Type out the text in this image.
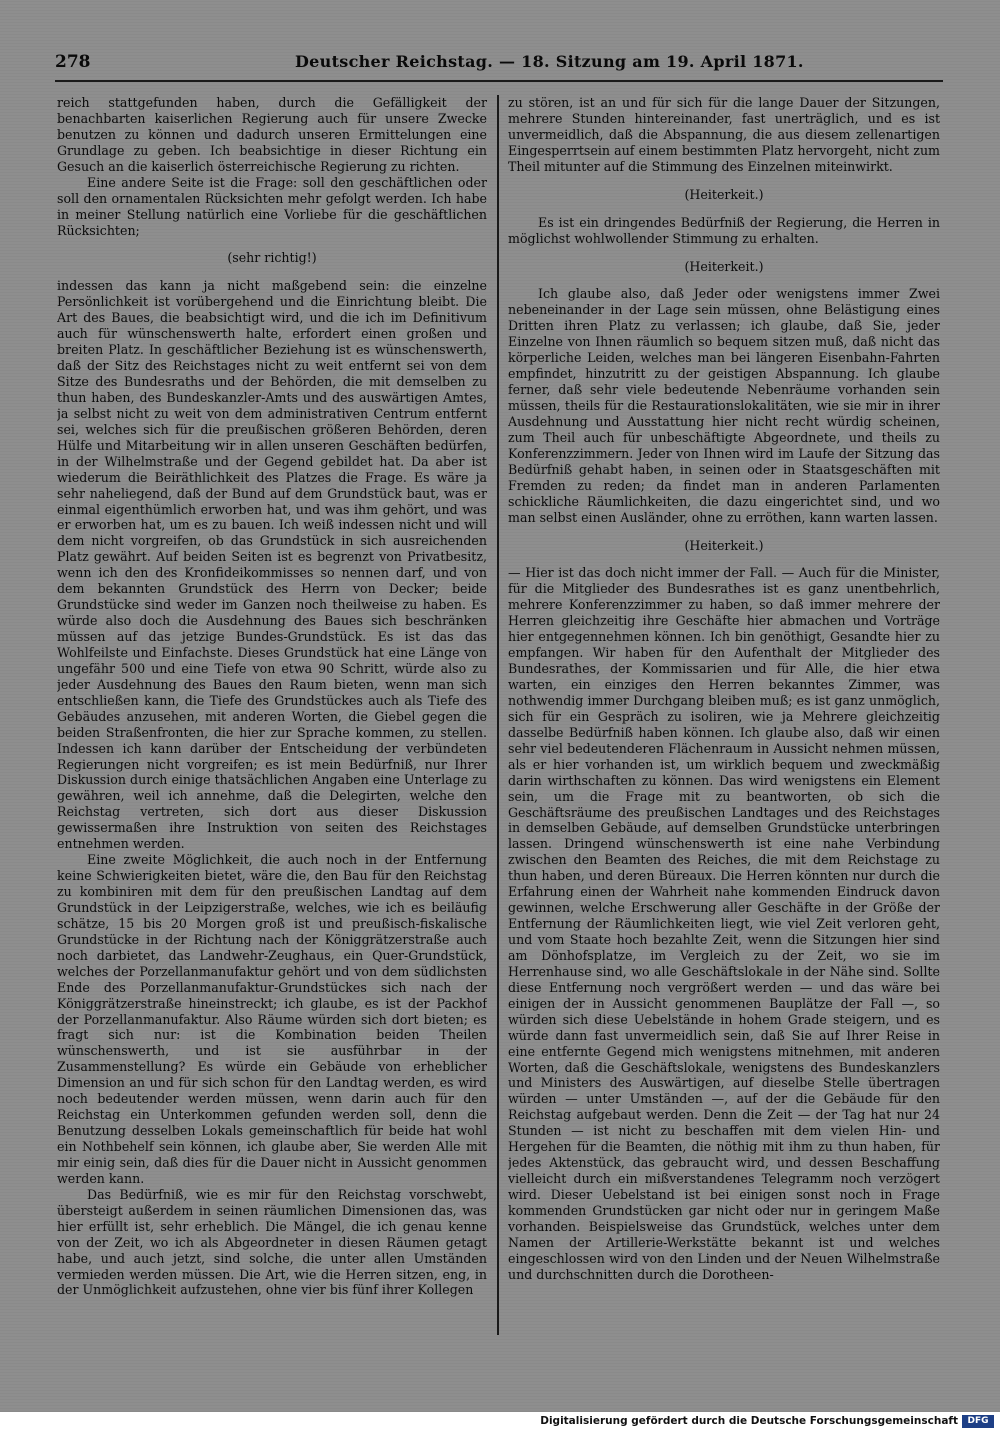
278	Deutscher Reichstag. — 18. Sitzung am 19. April 1871.

reich stattgefunden haben, durch die Gefälligkeit der benachbarten kaiserlichen Regierung auch für unsere Zwecke benutzen zu können und dadurch unseren Ermittelungen eine Grundlage zu geben. Ich beabsichtige in dieser Richtung ein Gesuch an die kaiserlich österreichische Regierung zu richten.

Eine andere Seite ist die Frage: soll den geschäftlichen oder soll den ornamentalen Rücksichten mehr gefolgt werden. Ich habe in meiner Stellung natürlich eine Vorliebe für die geschäftlichen Rücksichten;

(sehr richtig!)

indessen das kann ja nicht maßgebend sein: die einzelne Persönlichkeit ist vorübergehend und die Einrichtung bleibt. Die Art des Baues, die beabsichtigt wird, und die ich im Definitivum auch für wünschenswerth halte, erfordert einen großen und breiten Platz. In geschäftlicher Beziehung ist es wünschenswerth, daß der Sitz des Reichstages nicht zu weit entfernt sei von dem Sitze des Bundesraths und der Behörden, die mit demselben zu thun haben, des Bundeskanzler-Amts und des auswärtigen Amtes, ja selbst nicht zu weit von dem administrativen Centrum entfernt sei, welches sich für die preußischen größeren Behörden, deren Hülfe und Mitarbeitung wir in allen unseren Geschäften bedürfen, in der Wilhelmstraße und der Gegend gebildet hat. Da aber ist wiederum die Beiräthlichkeit des Platzes die Frage. Es wäre ja sehr naheliegend, daß der Bund auf dem Grundstück baut, was er einmal eigenthümlich erworben hat, und was ihm gehört, und was er erworben hat, um es zu bauen. Ich weiß indessen nicht und will dem nicht vorgreifen, ob das Grundstück in sich ausreichenden Platz gewährt. Auf beiden Seiten ist es begrenzt von Privatbesitz, wenn ich den des Kronfideikommisses so nennen darf, und von dem bekannten Grundstück des Herrn von Decker; beide Grundstücke sind weder im Ganzen noch theilweise zu haben. Es würde also doch die Ausdehnung des Baues sich beschränken müssen auf das jetzige Bundes-Grundstück. Es ist das das Wohlfeilste und Einfachste. Dieses Grundstück hat eine Länge von ungefähr 500 und eine Tiefe von etwa 90 Schritt, würde also zu jeder Ausdehnung des Baues den Raum bieten, wenn man sich entschließen kann, die Tiefe des Grundstückes auch als Tiefe des Gebäudes anzusehen, mit anderen Worten, die Giebel gegen die beiden Straßenfronten, die hier zur Sprache kommen, zu stellen. Indessen ich kann darüber der Entscheidung der verbündeten Regierungen nicht vorgreifen; es ist mein Bedürfniß, nur Ihrer Diskussion durch einige thatsächlichen Angaben eine Unterlage zu gewähren, weil ich annehme, daß die Delegirten, welche den Reichstag vertreten, sich dort aus dieser Diskussion gewissermaßen ihre Instruktion von seiten des Reichstages entnehmen werden.

Eine zweite Möglichkeit, die auch noch in der Entfernung keine Schwierigkeiten bietet, wäre die, den Bau für den Reichstag zu kombiniren mit dem für den preußischen Landtag auf dem Grundstück in der Leipzigerstraße, welches, wie ich es beiläufig schätze, 15 bis 20 Morgen groß ist und preußisch-fiskalische Grundstücke in der Richtung nach der Königgrätzerstraße auch noch darbietet, das Landwehr-Zeughaus, ein Quer-Grundstück, welches der Porzellanmanufaktur gehört und von dem südlichsten Ende des Porzellanmanufaktur-Grundstückes sich nach der Königgrätzerstraße hineinstreckt; ich glaube, es ist der Packhof der Porzellanmanufaktur. Also Räume würden sich dort bieten; es fragt sich nur: ist die Kombination beiden Theilen wünschenswerth, und ist sie ausführbar in der Zusammenstellung? Es würde ein Gebäude von erheblicher Dimension an und für sich schon für den Landtag werden, es wird noch bedeutender werden müssen, wenn darin auch für den Reichstag ein Unterkommen gefunden werden soll, denn die Benutzung desselben Lokals gemeinschaftlich für beide hat wohl ein Nothbehelf sein können, ich glaube aber, Sie werden Alle mit mir einig sein, daß dies für die Dauer nicht in Aussicht genommen werden kann.

Das Bedürfniß, wie es mir für den Reichstag vorschwebt, übersteigt außerdem in seinen räumlichen Dimensionen das, was hier erfüllt ist, sehr erheblich. Die Mängel, die ich genau kenne von der Zeit, wo ich als Abgeordneter in diesen Räumen getagt habe, und auch jetzt, sind solche, die unter allen Umständen vermieden werden müssen. Die Art, wie die Herren sitzen, eng, in der Unmöglichkeit aufzustehen, ohne vier bis fünf ihrer Kollegen

zu stören, ist an und für sich für die lange Dauer der Sitzungen, mehrere Stunden hintereinander, fast unerträglich, und es ist unvermeidlich, daß die Abspannung, die aus diesem zellenartigen Eingesperrtsein auf einem bestimmten Platz hervorgeht, nicht zum Theil mitunter auf die Stimmung des Einzelnen miteinwirkt.

(Heiterkeit.)

Es ist ein dringendes Bedürfniß der Regierung, die Herren in möglichst wohlwollender Stimmung zu erhalten.

(Heiterkeit.)

Ich glaube also, daß Jeder oder wenigstens immer Zwei nebeneinander in der Lage sein müssen, ohne Belästigung eines Dritten ihren Platz zu verlassen; ich glaube, daß Sie, jeder Einzelne von Ihnen räumlich so bequem sitzen muß, daß nicht das körperliche Leiden, welches man bei längeren Eisenbahn-Fahrten empfindet, hinzutritt zu der geistigen Abspannung. Ich glaube ferner, daß sehr viele bedeutende Nebenräume vorhanden sein müssen, theils für die Restaurationslokalitäten, wie sie mir in ihrer Ausdehnung und Ausstattung hier nicht recht würdig scheinen, zum Theil auch für unbeschäftigte Abgeordnete, und theils zu Konferenzzimmern. Jeder von Ihnen wird im Laufe der Sitzung das Bedürfniß gehabt haben, in seinen oder in Staatsgeschäften mit Fremden zu reden; da findet man in anderen Parlamenten schickliche Räumlichkeiten, die dazu eingerichtet sind, und wo man selbst einen Ausländer, ohne zu erröthen, kann warten lassen.

(Heiterkeit.)

— Hier ist das doch nicht immer der Fall. — Auch für die Minister, für die Mitglieder des Bundesrathes ist es ganz unentbehrlich, mehrere Konferenzzimmer zu haben, so daß immer mehrere der Herren gleichzeitig ihre Geschäfte hier abmachen und Vorträge hier entgegennehmen können. Ich bin genöthigt, Gesandte hier zu empfangen. Wir haben für den Aufenthalt der Mitglieder des Bundesrathes, der Kommissarien und für Alle, die hier etwa warten, ein einziges den Herren bekanntes Zimmer, was nothwendig immer Durchgang bleiben muß; es ist ganz unmöglich, sich für ein Gespräch zu isoliren, wie ja Mehrere gleichzeitig dasselbe Bedürfniß haben können. Ich glaube also, daß wir einen sehr viel bedeutenderen Flächenraum in Aussicht nehmen müssen, als er hier vorhanden ist, um wirklich bequem und zweckmäßig darin wirthschaften zu können. Das wird wenigstens ein Element sein, um die Frage mit zu beantworten, ob sich die Geschäftsräume des preußischen Landtages und des Reichstages in demselben Gebäude, auf demselben Grundstücke unterbringen lassen. Dringend wünschenswerth ist eine nahe Verbindung zwischen den Beamten des Reiches, die mit dem Reichstage zu thun haben, und deren Büreaux. Die Herren könnten nur durch die Erfahrung einen der Wahrheit nahe kommenden Eindruck davon gewinnen, welche Erschwerung aller Geschäfte in der Größe der Entfernung der Räumlichkeiten liegt, wie viel Zeit verloren geht, und vom Staate hoch bezahlte Zeit, wenn die Sitzungen hier sind am Dönhofsplatze, im Vergleich zu der Zeit, wo sie im Herrenhause sind, wo alle Geschäftslokale in der Nähe sind. Sollte diese Entfernung noch vergrößert werden — und das wäre bei einigen der in Aussicht genommenen Bauplätze der Fall —, so würden sich diese Uebelstände in hohem Grade steigern, und es würde dann fast unvermeidlich sein, daß Sie auf Ihrer Reise in eine entfernte Gegend mich wenigstens mitnehmen, mit anderen Worten, daß die Geschäftslokale, wenigstens des Bundeskanzlers und Ministers des Auswärtigen, auf dieselbe Stelle übertragen würden — unter Umständen —, auf der die Gebäude für den Reichstag aufgebaut werden. Denn die Zeit — der Tag hat nur 24 Stunden — ist nicht zu beschaffen mit dem vielen Hin- und Hergehen für die Beamten, die nöthig mit ihm zu thun haben, für jedes Aktenstück, das gebraucht wird, und dessen Beschaffung vielleicht durch ein mißverstandenes Telegramm noch verzögert wird. Dieser Uebelstand ist bei einigen sonst noch in Frage kommenden Grundstücken gar nicht oder nur in geringem Maße vorhanden. Beispielsweise das Grundstück, welches unter dem Namen der Artillerie-Werkstätte bekannt ist und welches eingeschlossen wird von den Linden und der Neuen Wilhelmstraße und durchschnitten durch die Dorotheen-

Digitalisierung gefördert durch die Deutsche Forschungsgemeinschaft	DFG
